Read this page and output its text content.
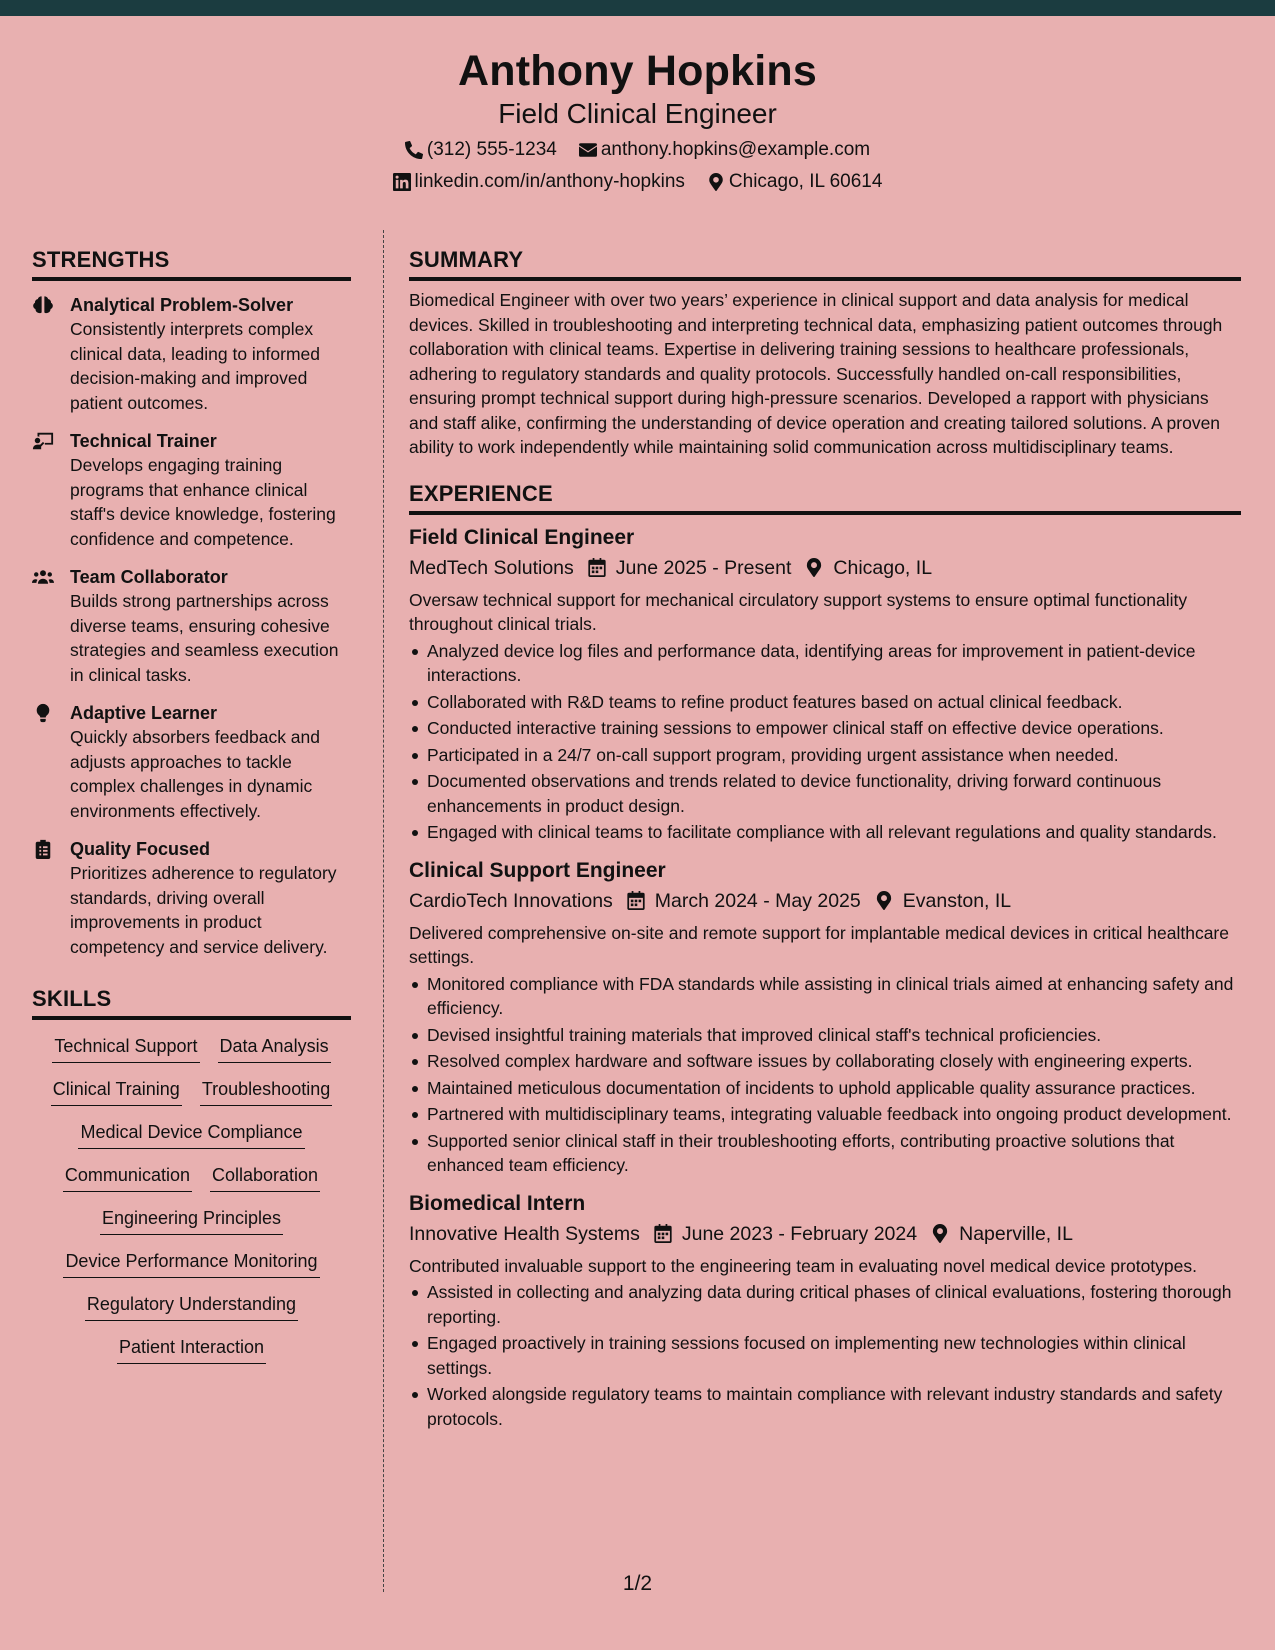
Anthony Hopkins
Field Clinical Engineer
(312) 555-1234 anthony.hopkins@example.com
linkedin.com/in/anthony-hopkins Chicago, IL 60614
STRENGTHS
Analytical Problem-Solver
Consistently interprets complex clinical data, leading to informed decision-making and improved patient outcomes.
Technical Trainer
Develops engaging training programs that enhance clinical staff's device knowledge, fostering confidence and competence.
Team Collaborator
Builds strong partnerships across diverse teams, ensuring cohesive strategies and seamless execution in clinical tasks.
Adaptive Learner
Quickly absorbers feedback and adjusts approaches to tackle complex challenges in dynamic environments effectively.
Quality Focused
Prioritizes adherence to regulatory standards, driving overall improvements in product competency and service delivery.
SKILLS
Technical Support Data Analysis
Clinical Training Troubleshooting
Medical Device Compliance
Communication Collaboration
Engineering Principles
Device Performance Monitoring
Regulatory Understanding
Patient Interaction
SUMMARY

Biomedical Engineer with over two years’ experience in clinical support and data analysis for medical devices. Skilled in troubleshooting and interpreting technical data, emphasizing patient outcomes through collaboration with clinical teams. Expertise in delivering training sessions to healthcare professionals, adhering to regulatory standards and quality protocols. Successfully handled on-call responsibilities, ensuring prompt technical support during high-pressure scenarios. Developed a rapport with physicians and staff alike, confirming the understanding of device operation and creating tailored solutions. A proven ability to work independently while maintaining solid communication across multidisciplinary teams.

EXPERIENCE
Field Clinical Engineer
MedTech Solutions June 2025 - Present Chicago, IL

Oversaw technical support for mechanical circulatory support systems to ensure optimal functionality throughout clinical trials.

Analyzed device log files and performance data, identifying areas for improvement in patient-device interactions.
Collaborated with R&D teams to refine product features based on actual clinical feedback.
Conducted interactive training sessions to empower clinical staff on effective device operations.
Participated in a 24/7 on-call support program, providing urgent assistance when needed.
Documented observations and trends related to device functionality, driving forward continuous enhancements in product design.
Engaged with clinical teams to facilitate compliance with all relevant regulations and quality standards.
Clinical Support Engineer
CardioTech Innovations March 2024 - May 2025 Evanston, IL

Delivered comprehensive on-site and remote support for implantable medical devices in critical healthcare settings.

Monitored compliance with FDA standards while assisting in clinical trials aimed at enhancing safety and efficiency.
Devised insightful training materials that improved clinical staff's technical proficiencies.
Resolved complex hardware and software issues by collaborating closely with engineering experts.
Maintained meticulous documentation of incidents to uphold applicable quality assurance practices.
Partnered with multidisciplinary teams, integrating valuable feedback into ongoing product development.
Supported senior clinical staff in their troubleshooting efforts, contributing proactive solutions that enhanced team efficiency.
Biomedical Intern
Innovative Health Systems June 2023 - February 2024 Naperville, IL

Contributed invaluable support to the engineering team in evaluating novel medical device prototypes.

Assisted in collecting and analyzing data during critical phases of clinical evaluations, fostering thorough reporting.
Engaged proactively in training sessions focused on implementing new technologies within clinical settings.
Worked alongside regulatory teams to maintain compliance with relevant industry standards and safety protocols.
1/2
